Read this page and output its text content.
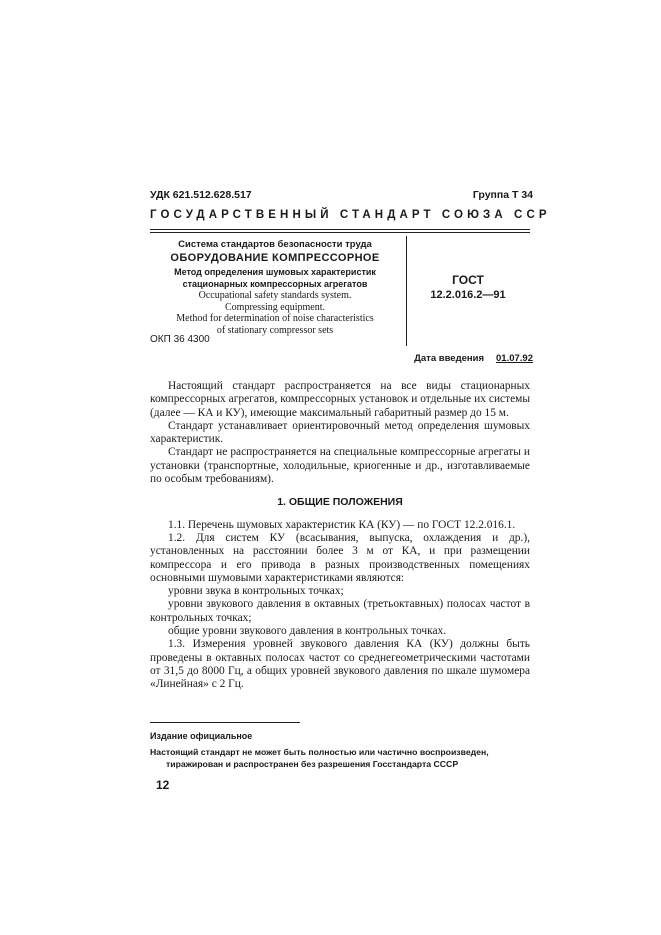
УДК 621.512.628.517	Группа Т 34
ГОСУДАРСТВЕННЫЙ СТАНДАРТ СОЮЗА ССР
Система стандартов безопасности труда
ОБОРУДОВАНИЕ КОМПРЕССОРНОЕ
Метод определения шумовых характеристик
стационарных компрессорных агрегатов
Occupational safety standards system.
Compressing equipment.
Method for determination of noise characteristics
of stationary compressor sets
ОКП 36 4300
ГОСТ
12.2.016.2—91
Дата введения 01.07.92

Настоящий стандарт распространяется на все виды стационарных компрессорных агрегатов, компрессорных установок и отдельные их системы (далее — КА и КУ), имеющие максимальный габаритный размер до 15 м.

Стандарт устанавливает ориентировочный метод определения шумовых характеристик.

Стандарт не распространяется на специальные компрессорные агрегаты и установки (транспортные, холодильные, криогенные и др., изготавливаемые по особым требованиям).

1. ОБЩИЕ ПОЛОЖЕНИЯ

1.1. Перечень шумовых характеристик КА (КУ) — по ГОСТ 12.2.016.1.

1.2. Для систем КУ (всасывания, выпуска, охлаждения и др.), установленных на расстоянии более 3 м от КА, и при размещении компрессора и его привода в разных производственных помещениях основными шумовыми характеристиками являются:

уровни звука в контрольных точках;

уровни звукового давления в октавных (третьоктавных) полосах частот в контрольных точках;

общие уровни звукового давления в контрольных точках.

1.3. Измерения уровней звукового давления КА (КУ) должны быть проведены в октавных полосах частот со среднегеометрическими частотами от 31,5 до 8000 Гц, а общих уровней звукового давления по шкале шумомера «Линейная» с 2 Гц.

Издание официальное
Настоящий стандарт не может быть полностью или частично воспроизведен,
тиражирован и распространен без разрешения Госстандарта СССР
12
